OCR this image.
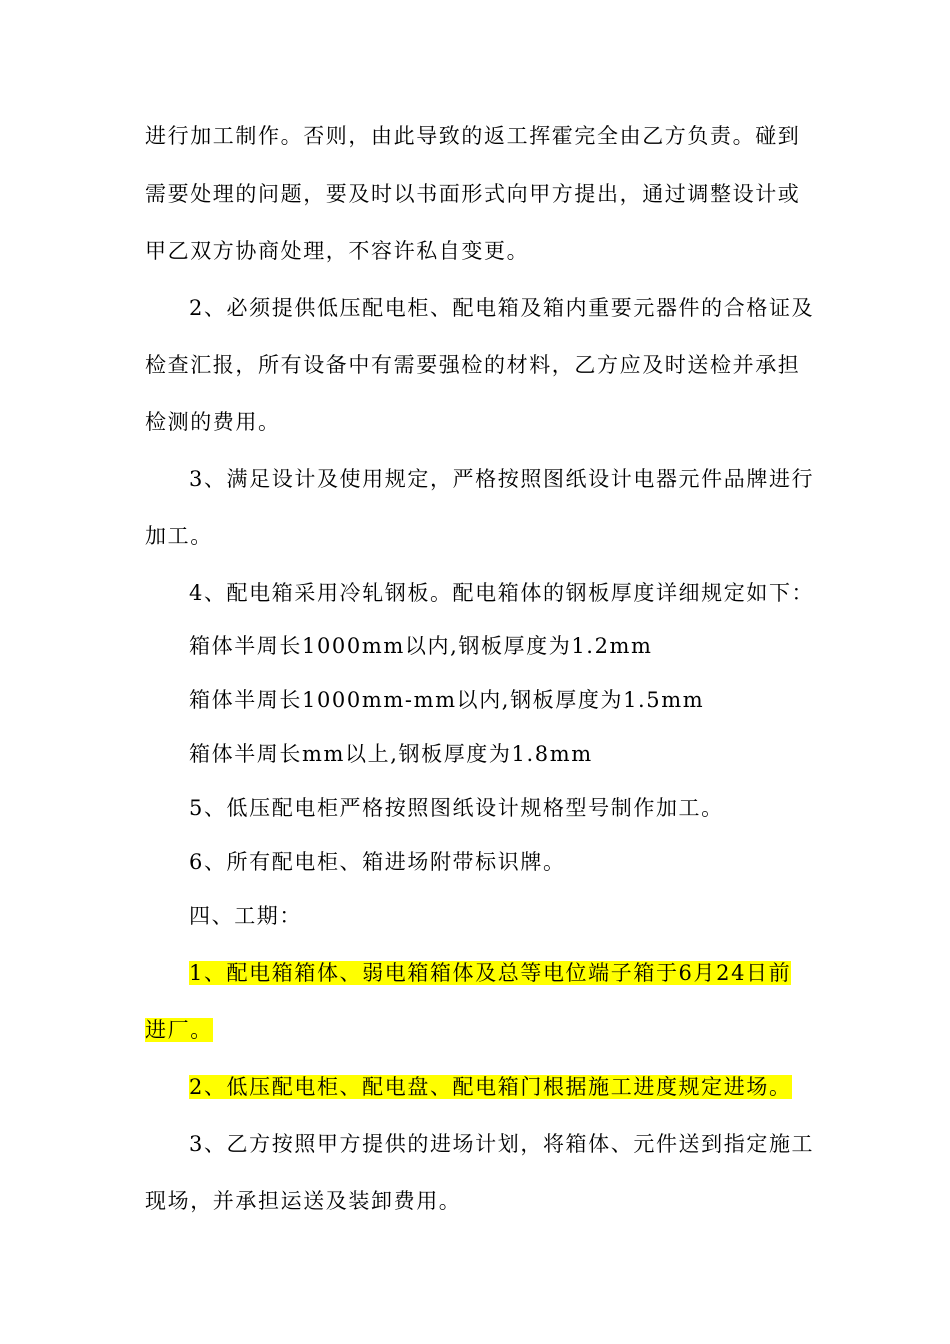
进行加工制作。否则，由此导致的返工挥霍完全由乙方负责。碰到
需要处理的问题，要及时以书面形式向甲方提出，通过调整设计或
甲乙双方协商处理，不容许私自变更。
2、必须提供低压配电柜、配电箱及箱内重要元器件的合格证及
检查汇报，所有设备中有需要强检的材料，乙方应及时送检并承担
检测的费用。
3、满足设计及使用规定，严格按照图纸设计电器元件品牌进行
加工。
4、配电箱采用冷轧钢板。配电箱体的钢板厚度详细规定如下：
箱体半周长1000mm以内,钢板厚度为1.2mm
箱体半周长1000mm-mm以内,钢板厚度为1.5mm
箱体半周长mm以上,钢板厚度为1.8mm
5、低压配电柜严格按照图纸设计规格型号制作加工。
6、所有配电柜、箱进场附带标识牌。
四、工期：
1、配电箱箱体、弱电箱箱体及总等电位端子箱于6月24日前
进厂。
2、低压配电柜、配电盘、配电箱门根据施工进度规定进场。
3、乙方按照甲方提供的进场计划，将箱体、元件送到指定施工
现场，并承担运送及装卸费用。
